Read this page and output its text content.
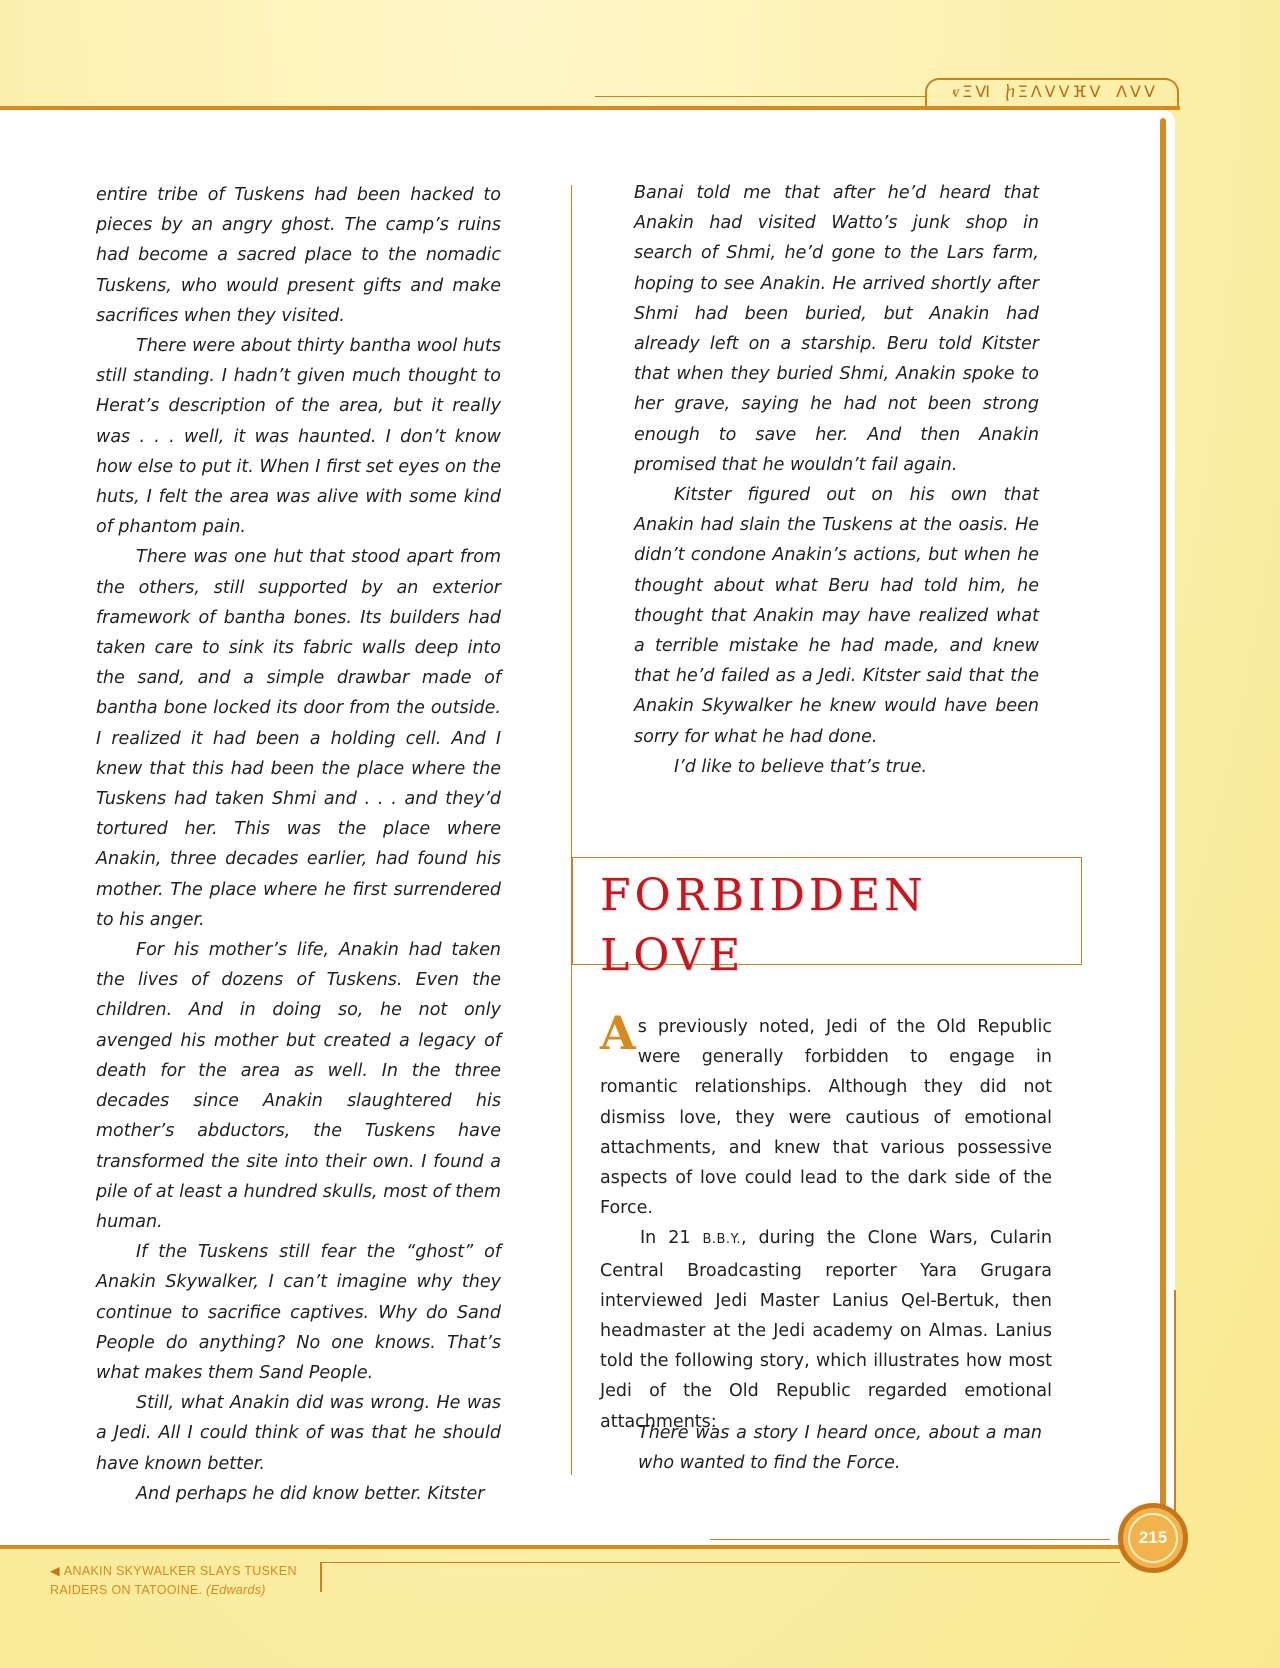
ⱴΞⅥ ⴙΞⴷⴸⴸⴼⴸ ⴷⴸⴸ

entire tribe of Tuskens had been hacked to pieces by an angry ghost. The camp’s ruins had become a sacred place to the nomadic Tuskens, who would present gifts and make sacrifices when they visited.

There were about thirty bantha wool huts still standing. I hadn’t given much thought to Herat’s description of the area, but it really was . . . well, it was haunted. I don’t know how else to put it. When I first set eyes on the huts, I felt the area was alive with some kind of phantom pain.

There was one hut that stood apart from the others, still supported by an exterior framework of bantha bones. Its builders had taken care to sink its fabric walls deep into the sand, and a simple drawbar made of bantha bone locked its door from the outside. I realized it had been a holding cell. And I knew that this had been the place where the Tuskens had taken Shmi and . . . and they’d tortured her. This was the place where Anakin, three decades earlier, had found his mother. The place where he first surrendered to his anger.

For his mother’s life, Anakin had taken the lives of dozens of Tuskens. Even the children. And in doing so, he not only avenged his mother but created a legacy of death for the area as well. In the three decades since Anakin slaughtered his mother’s abductors, the Tuskens have transformed the site into their own. I found a pile of at least a hundred skulls, most of them human.

If the Tuskens still fear the “ghost” of Anakin Skywalker, I can’t imagine why they continue to sacrifice captives. Why do Sand People do anything? No one knows. That’s what makes them Sand People.

Still, what Anakin did was wrong. He was a Jedi. All I could think of was that he should have known better.

And perhaps he did know better. Kitster

Banai told me that after he’d heard that Anakin had visited Watto’s junk shop in search of Shmi, he’d gone to the Lars farm, hoping to see Anakin. He arrived shortly after Shmi had been buried, but Anakin had already left on a starship. Beru told Kitster that when they buried Shmi, Anakin spoke to her grave, saying he had not been strong enough to save her. And then Anakin promised that he wouldn’t fail again.

Kitster figured out on his own that Anakin had slain the Tuskens at the oasis. He didn’t condone Anakin’s actions, but when he thought about what Beru had told him, he thought that Anakin may have realized what a terrible mistake he had made, and knew that he’d failed as a Jedi. Kitster said that the Anakin Skywalker he knew would have been sorry for what he had done.

I’d like to believe that’s true.

FORBIDDEN
LOVE

As previously noted, Jedi of the Old Republic were generally forbidden to engage in romantic relationships. Although they did not dismiss love, they were cautious of emotional attachments, and knew that various possessive aspects of love could lead to the dark side of the Force.

In 21 B.B.Y., during the Clone Wars, Cularin Central Broadcasting reporter Yara Grugara interviewed Jedi Master Lanius Qel-Bertuk, then headmaster at the Jedi academy on Almas. Lanius told the following story, which illustrates how most Jedi of the Old Republic regarded emotional attachments:

There was a story I heard once, about a man who wanted to find the Force.

215
◀ ANAKIN SKYWALKER SLAYS TUSKEN RAIDERS ON TATOOINE. (Edwards)
